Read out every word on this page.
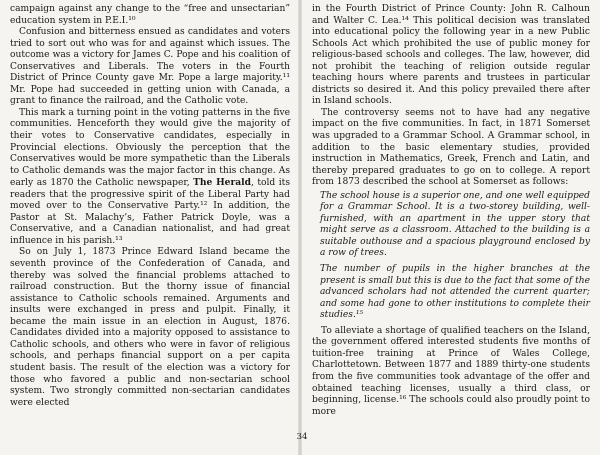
campaign against any change to the “free and unsectarian” education system in P.E.I.¹⁰

Confusion and bitterness ensued as candidates and voters tried to sort out who was for and against which issues. The outcome was a victory for James C. Pope and his coalition of Conservatives and Liberals. The voters in the Fourth District of Prince County gave Mr. Pope a large majority.¹¹ Mr. Pope had succeeded in getting union with Canada, a grant to finance the railroad, and the Catholic vote.

This mark a turning point in the voting patterns in the five communities. Henceforth they would give the majority of their votes to Conservative candidates, especially in Provincial elections. Obviously the perception that the Conservatives would be more sympathetic than the Liberals to Catholic demands was the major factor in this change. As early as 1870 the Catholic newspaper, The Herald, told its readers that the progressive spirit of the Liberal Party had moved over to the Conservative Party.¹² In addition, the Pastor at St. Malachy’s, Father Patrick Doyle, was a Conservative, and a Canadian nationalist, and had great influence in his parish.¹³

So on July 1, 1873 Prince Edward Island became the seventh province of the Confederation of Canada, and thereby was solved the financial problems attached to railroad construction. But the thorny issue of financial assistance to Catholic schools remained. Arguments and insults were exchanged in press and pulpit. Finally, it became the main issue in an election in August, 1876. Candidates divided into a majority opposed to assistance to Catholic schools, and others who were in favor of religious schools, and perhaps financial support on a per capita student basis. The result of the election was a victory for those who favored a public and non-sectarian school system. Two strongly committed non-sectarian candidates were elected

in the Fourth District of Prince County: John R. Calhoun and Walter C. Lea.¹⁴ This political decision was translated into educational policy the following year in a new Public Schools Act which prohibited the use of public money for religious-based schools and colleges. The law, however, did not prohibit the teaching of religion outside regular teaching hours where parents and trustees in particular districts so desired it. And this policy prevailed there after in Island schools.

The controversy seems not to have had any negative impact on the five communities. In fact, in 1871 Somerset was upgraded to a Grammar School. A Grammar school, in addition to the basic elementary studies, provided instruction in Mathematics, Greek, French and Latin, and thereby prepared graduates to go on to college. A report from 1873 described the school at Somerset as follows:

The school house is a superior one, and one well equipped for a Grammar School. It is a two-storey building, well-furnished, with an apartment in the upper story that might serve as a classroom. Attached to the building is a suitable outhouse and a spacious playground enclosed by a row of trees.

The number of pupils in the higher branches at the present is small but this is due to the fact that some of the advanced scholars had not attended the current quarter; and some had gone to other institutions to complete their studies.¹⁵

To alleviate a shortage of qualified teachers on the Island, the government offered interested students five months of tuition-free training at Prince of Wales College, Charlottetown. Between 1877 and 1889 thirty-one students from the five communities took advantage of the offer and obtained teaching licenses, usually a third class, or beginning, license.¹⁶ The schools could also proudly point to more

34
